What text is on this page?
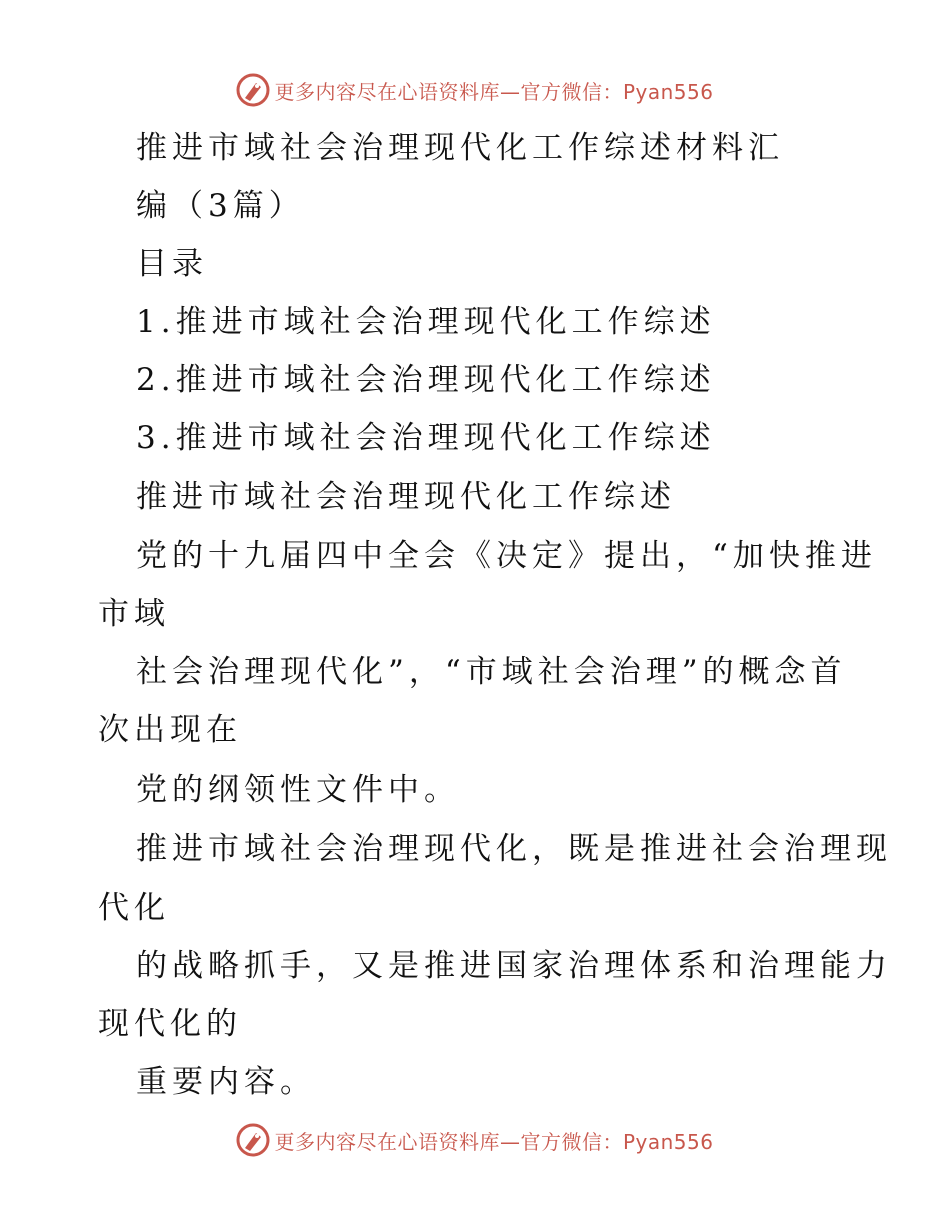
更多内容尽在心语资料库—官方微信：Pyan556
推进市域社会治理现代化工作综述材料汇
编（3篇）
目录
1.推进市域社会治理现代化工作综述
2.推进市域社会治理现代化工作综述
3.推进市域社会治理现代化工作综述
推进市域社会治理现代化工作综述
党的十九届四中全会《决定》提出，“加快推进
市域
社会治理现代化”，“市域社会治理”的概念首
次出现在
党的纲领性文件中。
推进市域社会治理现代化，既是推进社会治理现
代化
的战略抓手，又是推进国家治理体系和治理能力
现代化的
重要内容。
更多内容尽在心语资料库—官方微信：Pyan556
